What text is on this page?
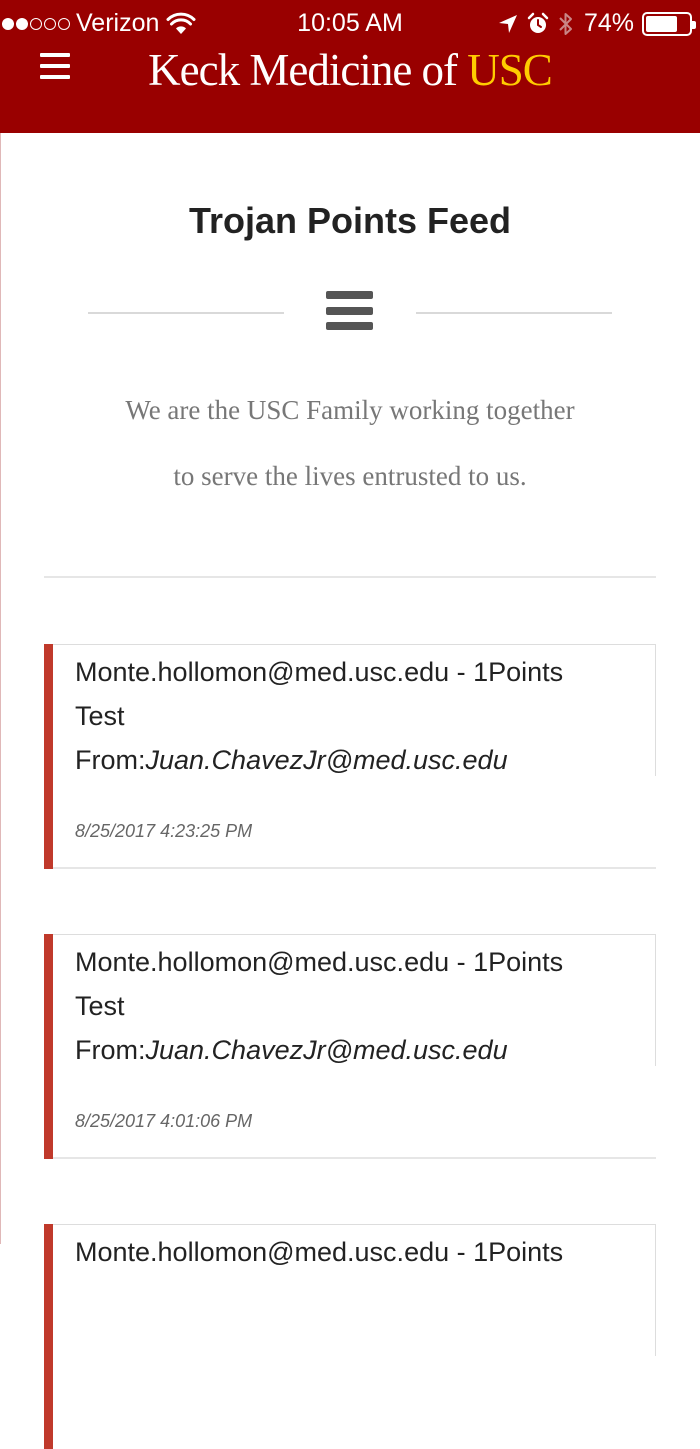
Verizon	10:05 AM	74%
Keck Medicine of USC
Trojan Points Feed

We are the USC Family working together

to serve the lives entrusted to us.

Monte.hollomon@med.usc.edu - 1Points
Test
From:Juan.ChavezJr@med.usc.edu
8/25/2017 4:23:25 PM
Monte.hollomon@med.usc.edu - 1Points
Test
From:Juan.ChavezJr@med.usc.edu
8/25/2017 4:01:06 PM
Monte.hollomon@med.usc.edu - 1Points
